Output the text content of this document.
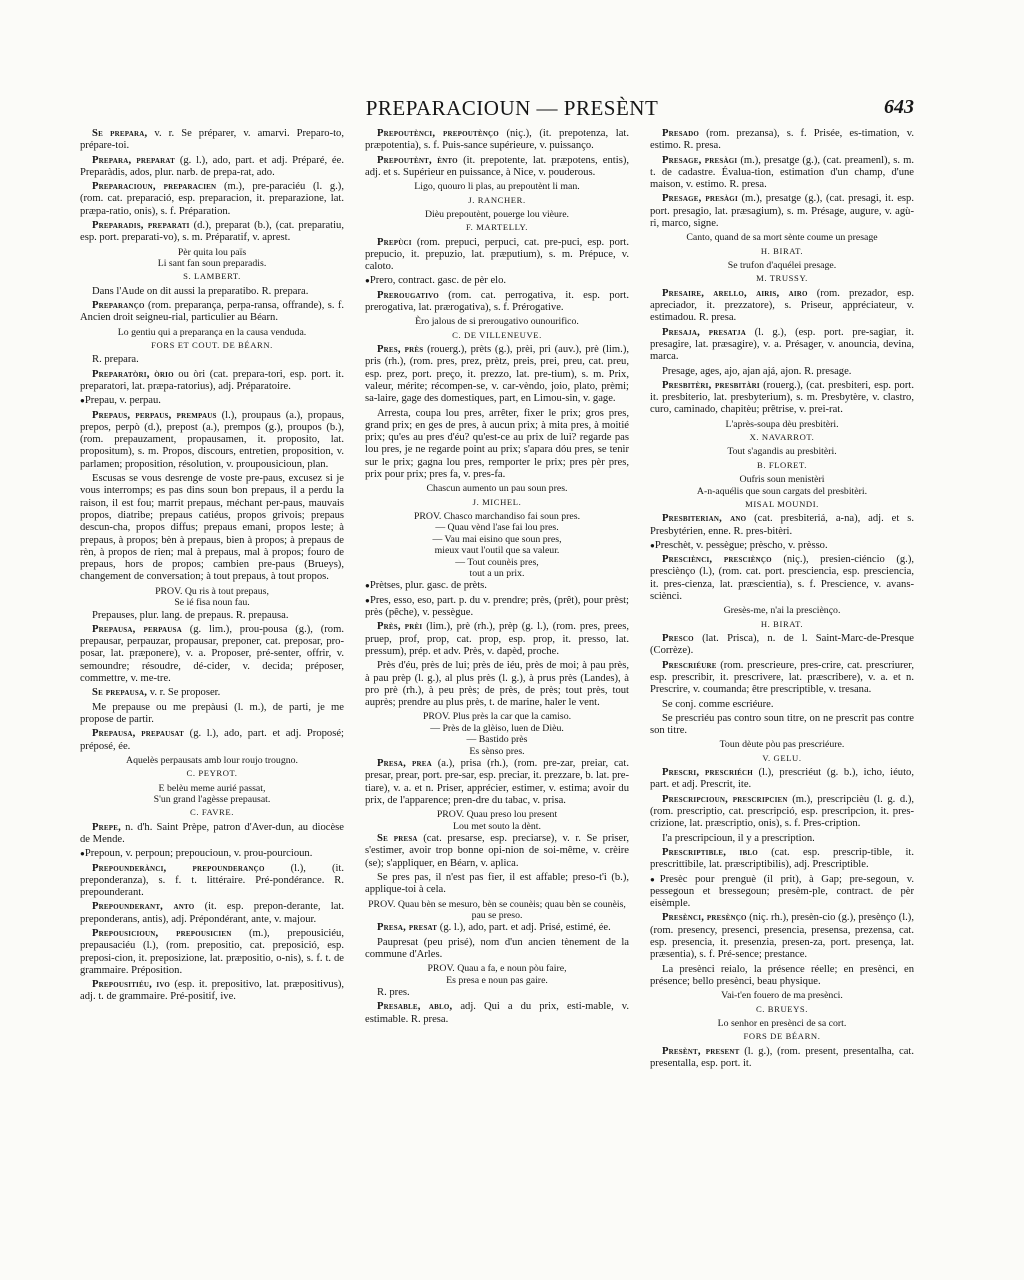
PREPARACIOUN — PRESÈNT	643

Se prepara, v. r. Se préparer, v. amarvi. Preparo-to, prépare-toi.

Prepara, preparat (g. l.), ado, part. et adj. Préparé, ée. Preparàdis, ados, plur. narb. de prepa-rat, ado.

Preparacioun, preparacien (m.), pre-paraciéu (l. g.), (rom. cat. preparació, esp. preparacion, it. preparazione, lat. præpa-ratio, onis), s. f. Préparation.

Preparadis, preparati (d.), preparat (b.), (cat. preparatiu, esp. port. preparati-vo), s. m. Préparatif, v. aprest.

Pèr quita lou païs
Li sant fan soun preparadis.
S. LAMBERT.

Dans l'Aude on dit aussi la preparatibo. R. prepara.

Preparanço (rom. preparança, perpa-ransa, offrande), s. f. Ancien droit seigneu-rial, particulier au Béarn.

Lo gentiu qui a preparança en la causa venduda.
FORS ET COUT. DE BÉARN.

R. prepara.

Preparatòri, òrio ou òri (cat. prepara-tori, esp. port. it. preparatori, lat. præpa-ratorius), adj. Préparatoire.

● Prepau, v. perpau.

Prepaus, perpaus, prempaus (l.), proupaus (a.), propaus, prepos, perpò (d.), prepost (a.), prempos (g.), proupos (b.), (rom. prepauzament, propausamen, it. proposito, lat. propositum), s. m. Propos, discours, entretien, proposition, v. parlamen; proposition, résolution, v. proupousicioun, plan.

Escusas se vous desrenge de voste pre-paus, excusez si je vous interromps; es pas dins soun bon prepaus, il a perdu la raison, il est fou; marrit prepaus, méchant per-paus, mauvais propos, diatribe; prepaus catiéus, propos grivois; prepaus descun-cha, propos diffus; prepaus emani, propos leste; à prepaus, à propos; bèn à prepaus, bien à propos; à prepaus de rèn, à propos de rien; mal à prepaus, mal à propos; fouro de prepaus, hors de propos; cambien pre-paus (Brueys), changement de conversation; à tout prepaus, à tout propos.

PROV. Qu ris à tout prepaus,
Se ié fisa noun fau.

Prepauses, plur. lang. de prepaus. R. prepausa.

Prepausa, perpausa (g. lim.), prou-pousa (g.), (rom. prepausar, perpauzar, propausar, preponer, cat. preposar, pro-posar, lat. præponere), v. a. Proposer, pré-senter, offrir, v. semoundre; résoudre, dé-cider, v. decida; préposer, commettre, v. me-tre.

Se prepausa, v. r. Se proposer.

Me prepause ou me prepàusi (l. m.), de parti, je me propose de partir.

Prepausa, prepausat (g. l.), ado, part. et adj. Proposé; préposé, ée.

Aquelès perpausats amb lour roujo trougno.
C. PEYROT.
E belèu meme aurié passat,
S'un grand l'agèsse prepausat.
C. FAVRE.

Prepe, n. d'h. Saint Prèpe, patron d'Aver-dun, au diocèse de Mende.

● Prepoun, v. perpoun; prepoucioun, v. prou-pourcioun.

Prepounderànci, prepounderanço (l.), (it. preponderanza), s. f. t. littéraire. Pré-pondérance. R. prepounderant.

Prepounderant, anto (it. esp. prepon-derante, lat. preponderans, antis), adj. Prépondérant, ante, v. majour.

Prepousicioun, prepousicien (m.), prepousiciéu, prepausaciéu (l.), (rom. prepositio, cat. preposició, esp. preposi-cion, it. preposizione, lat. præpositio, o-nis), s. f. t. de grammaire. Préposition.

Prepousitiéu, ivo (esp. it. prepositivo, lat. præpositivus), adj. t. de grammaire. Pré-positif, ive.

Prepoutènci, prepoutènço (niç.), (it. prepotenza, lat. præpotentia), s. f. Puis-sance supérieure, v. puissanço.

Prepoutènt, ènto (it. prepotente, lat. præpotens, entis), adj. et s. Supérieur en puissance, à Nice, v. pouderous.

Ligo, quouro li plas, au prepoutènt li man.
J. RANCHER.
Dièu prepoutènt, pouerge lou vièure.
F. MARTELLY.

Prepùci (rom. prepuci, perpuci, cat. pre-puci, esp. port. prepucio, it. prepuzio, lat. præputium), s. m. Prépuce, v. caloto.

● Prero, contract. gasc. de pèr elo.

Prerougativo (rom. cat. perrogativa, it. esp. port. prerogativa, lat. prærogativa), s. f. Prérogative.

Èro jalous de si prerougativo ounourifico.
C. DE VILLENEUVE.

Pres, près (rouerg.), prèts (g.), prèi, pri (auv.), prè (lim.), pris (rh.), (rom. pres, prez, prètz, preis, prei, preu, cat. preu, esp. prez, port. preço, it. prezzo, lat. pre-tium), s. m. Prix, valeur, mérite; récompen-se, v. car-vèndo, joio, plato, prèmi; sa-laire, gage des domestiques, part, en Limou-sin, v. gage.

Arresta, coupa lou pres, arrêter, fixer le prix; gros pres, grand prix; en ges de pres, à aucun prix; à mita pres, à moitié prix; qu'es au pres d'éu? qu'est-ce au prix de lui? regarde pas lou pres, je ne regarde point au prix; s'apara dóu pres, se tenir sur le prix; gagna lou pres, remporter le prix; pres pèr pres, prix pour prix; pres fa, v. pres-fa.

Chascun aumento un pau soun pres.
J. MICHEL.
PROV. Chasco marchandiso fai soun pres.
— Quau vènd l'ase fai lou pres.
— Vau mai eisino que soun pres,
mieux vaut l'outil que sa valeur.
— Tout counèis pres,
tout a un prix.

● Prètses, plur. gasc. de prèts.

● Pres, esso, eso, part. p. du v. prendre; près, (prêt), pour prèst; près (pêche), v. pessègue.

Près, prèi (lim.), prè (rh.), prèp (g. l.), (rom. pres, prees, pruep, prof, prop, cat. prop, esp. prop, it. presso, lat. pressum), prép. et adv. Près, v. dapèd, proche.

Près d'éu, près de lui; près de iéu, près de moi; à pau près, à pau prèp (l. g.), al plus près (l. g.), à prus près (Landes), à pro prè (rh.), à peu près; de près, de près; tout près, tout auprès; prendre au plus près, t. de marine, haler le vent.

PROV. Plus près la car que la camiso.
— Près de la glèiso, luen de Dièu.
— Bastido près
Es sènso pres.

Presa, prea (a.), prisa (rh.), (rom. pre-zar, preiar, cat. presar, prear, port. pre-sar, esp. preciar, it. prezzare, b. lat. pre-tiare), v. a. et n. Priser, apprécier, estimer, v. estima; avoir du prix, de l'apparence; pren-dre du tabac, v. prisa.

PROV. Quau preso lou present
Lou met souto la dènt.

Se presa (cat. presarse, esp. preciarse), v. r. Se priser, s'estimer, avoir trop bonne opi-nion de soi-même, v. crèire (se); s'appliquer, en Béarn, v. aplica.

Se pres pas, il n'est pas fier, il est affable; preso-t'i (b.), applique-toi à cela.

PROV. Quau bèn se mesuro, bèn se counèis; quau bèn se counèis, pau se preso.

Presa, presat (g. l.), ado, part. et adj. Prisé, estimé, ée.

Paupresat (peu prisé), nom d'un ancien tènement de la commune d'Arles.

PROV. Quau a fa, e noun pòu faire,
Es presa e noun pas gaire.

R. pres.

Presable, ablo, adj. Qui a du prix, esti-mable, v. estimable. R. presa.

Presado (rom. prezansa), s. f. Prisée, es-timation, v. estimo. R. presa.

Presage, presàgi (m.), presatge (g.), (cat. preamenl), s. m. t. de cadastre. Évalua-tion, estimation d'un champ, d'une maison, v. estimo. R. presa.

Presage, presàgi (m.), presatge (g.), (cat. presagi, it. esp. port. presagio, lat. præsagium), s. m. Présage, augure, v. agù-ri, marco, signe.

Canto, quand de sa mort sènte coume un presage
H. BIRAT.
Se trufon d'aquélei presage.
M. TRUSSY.

Presaire, arello, airis, airo (rom. prezador, esp. apreciador, it. prezzatore), s. Priseur, appréciateur, v. estimadou. R. presa.

Presaja, presatja (l. g.), (esp. port. pre-sagiar, it. presagire, lat. præsagire), v. a. Présager, v. anouncia, devina, marca.

Presage, ages, ajo, ajan ajá, ajon. R. presage.

Presbitèri, presbitàri (rouerg.), (cat. presbiteri, esp. port. it. presbiterio, lat. presbyterium), s. m. Presbytère, v. clastro, curo, caminado, chapitèu; prêtrise, v. prei-rat.

L'après-soupa dèu presbitèri.
X. NAVARROT.
Tout s'agandis au presbitèri.
B. FLORET.
Oufris soun menistèri
A-n-aquélis que soun cargats del presbitèri.
MISAL MOUNDI.

Presbiterian, ano (cat. presbiteriá, a-na), adj. et s. Presbytérien, enne. R. pres-bitèri.

● Preschèt, v. pessègue; prèscho, v. prèsso.

Presciènci, presciènço (niç.), presien-ciéncio (g.), presciènço (l.), (rom. cat. port. presciencia, esp. presciencia, it. pres-cienza, lat. præscientia), s. f. Prescience, v. avans-sciènci.

Gresès-me, n'ai la presciènço.
H. BIRAT.

Presco (lat. Prisca), n. de l. Saint-Marc-de-Presque (Corrèze).

Prescriéure (rom. prescrieure, pres-crire, cat. prescriurer, esp. prescribir, it. prescrivere, lat. præscribere), v. a. et n. Prescrire, v. coumanda; être prescriptible, v. tresana.

Se conj. comme escriéure.

Se prescriéu pas contro soun titre, on ne prescrit pas contre son titre.

Toun dèute pòu pas prescriéure.
V. GELU.

Prescri, prescriéch (l.), prescriéut (g. b.), icho, iéuto, part. et adj. Prescrit, ite.

Prescripcioun, prescripcien (m.), prescripcièu (l. g. d.), (rom. prescriptio, cat. prescripció, esp. prescripcion, it. pres-crizione, lat. præscriptio, onis), s. f. Pres-cription.

I'a prescripcioun, il y a prescription.

Prescriptible, iblo (cat. esp. prescrip-tible, it. prescrittibile, lat. præscriptibilis), adj. Prescriptible.

● Presèc pour prenguè (il prit), à Gap; pre-segoun, v. pessegoun et bressegoun; presèm-ple, contract. de pèr eisèmple.

Presènci, presènço (niç. rh.), presèn-cio (g.), presènço (l.), (rom. presency, presenci, presencia, presensa, prezensa, cat. esp. presencia, it. presenzia, presen-za, port. presença, lat. præsentia), s. f. Pré-sence; prestance.

La presènci reialo, la présence réelle; en presènci, en présence; bello presènci, beau physique.

Vai-t'en fouero de ma presènci.
C. BRUEYS.
Lo senhor en presènci de sa cort.
FORS DE BÉARN.

Presènt, present (l. g.), (rom. present, presentalha, cat. presentalla, esp. port. it.
